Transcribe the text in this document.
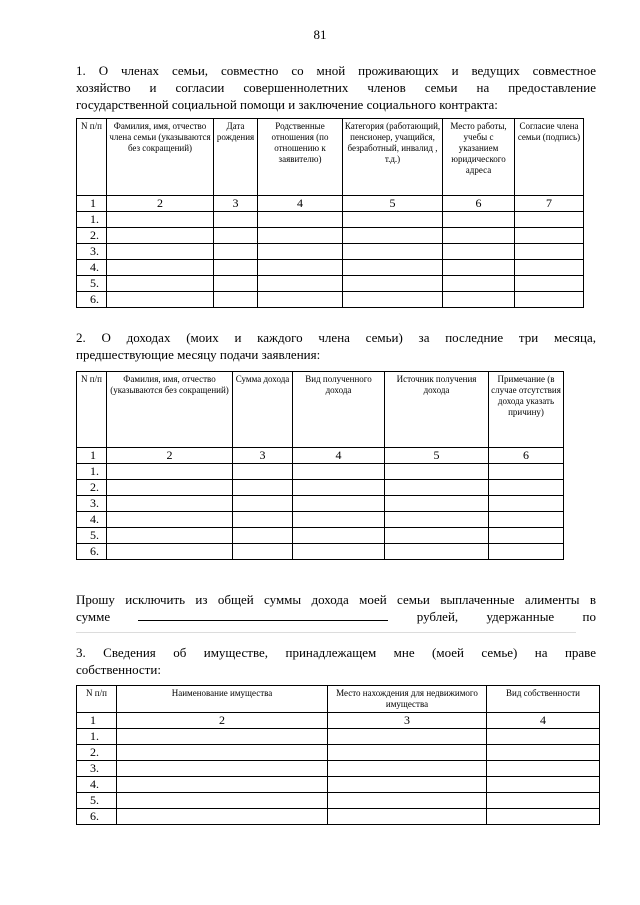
81

1. О членах семьи, совместно со мной проживающих и ведущих совместное
хозяйство и согласии совершеннолетних членов семьи на предоставление
государственной социальной помощи и заключение социального контракта:

N п/п	Фамилия, имя, отчество члена семьи (указываются без сокращений)	Дата рождения	Родственные отношения (по отношению к заявителю)	Категория (работающий, пенсионер, учащийся, безработный, инвалид , т.д.)	Место работы, учебы с указанием юридического адреса	Согласие члена семьи (подпись)
1	2	3	4	5	6	7
1.						
2.						
3.						
4.						
5.						
6.						

2. О доходах (моих и каждого члена семьи) за последние три месяца,
предшествующие месяцу подачи заявления:

N п/п	Фамилия, имя, отчество (указываются без сокращений)	Сумма дохода	Вид полученного дохода	Источник получения дохода	Примечание (в случае отсутствия дохода указать причину)
1	2	3	4	5	6
1.					
2.					
3.					
4.					
5.					
6.					
Прошу исключить из общей суммы дохода моей семьи выплаченные алименты в
сумме	рублей, удержанные по

3. Сведения об имуществе, принадлежащем мне (моей семье) на праве
собственности:

N п/п	Наименование имущества	Место нахождения для недвижимого имущества	Вид собственности
1	2	3	4
1.			
2.			
3.			
4.			
5.			
6.			
